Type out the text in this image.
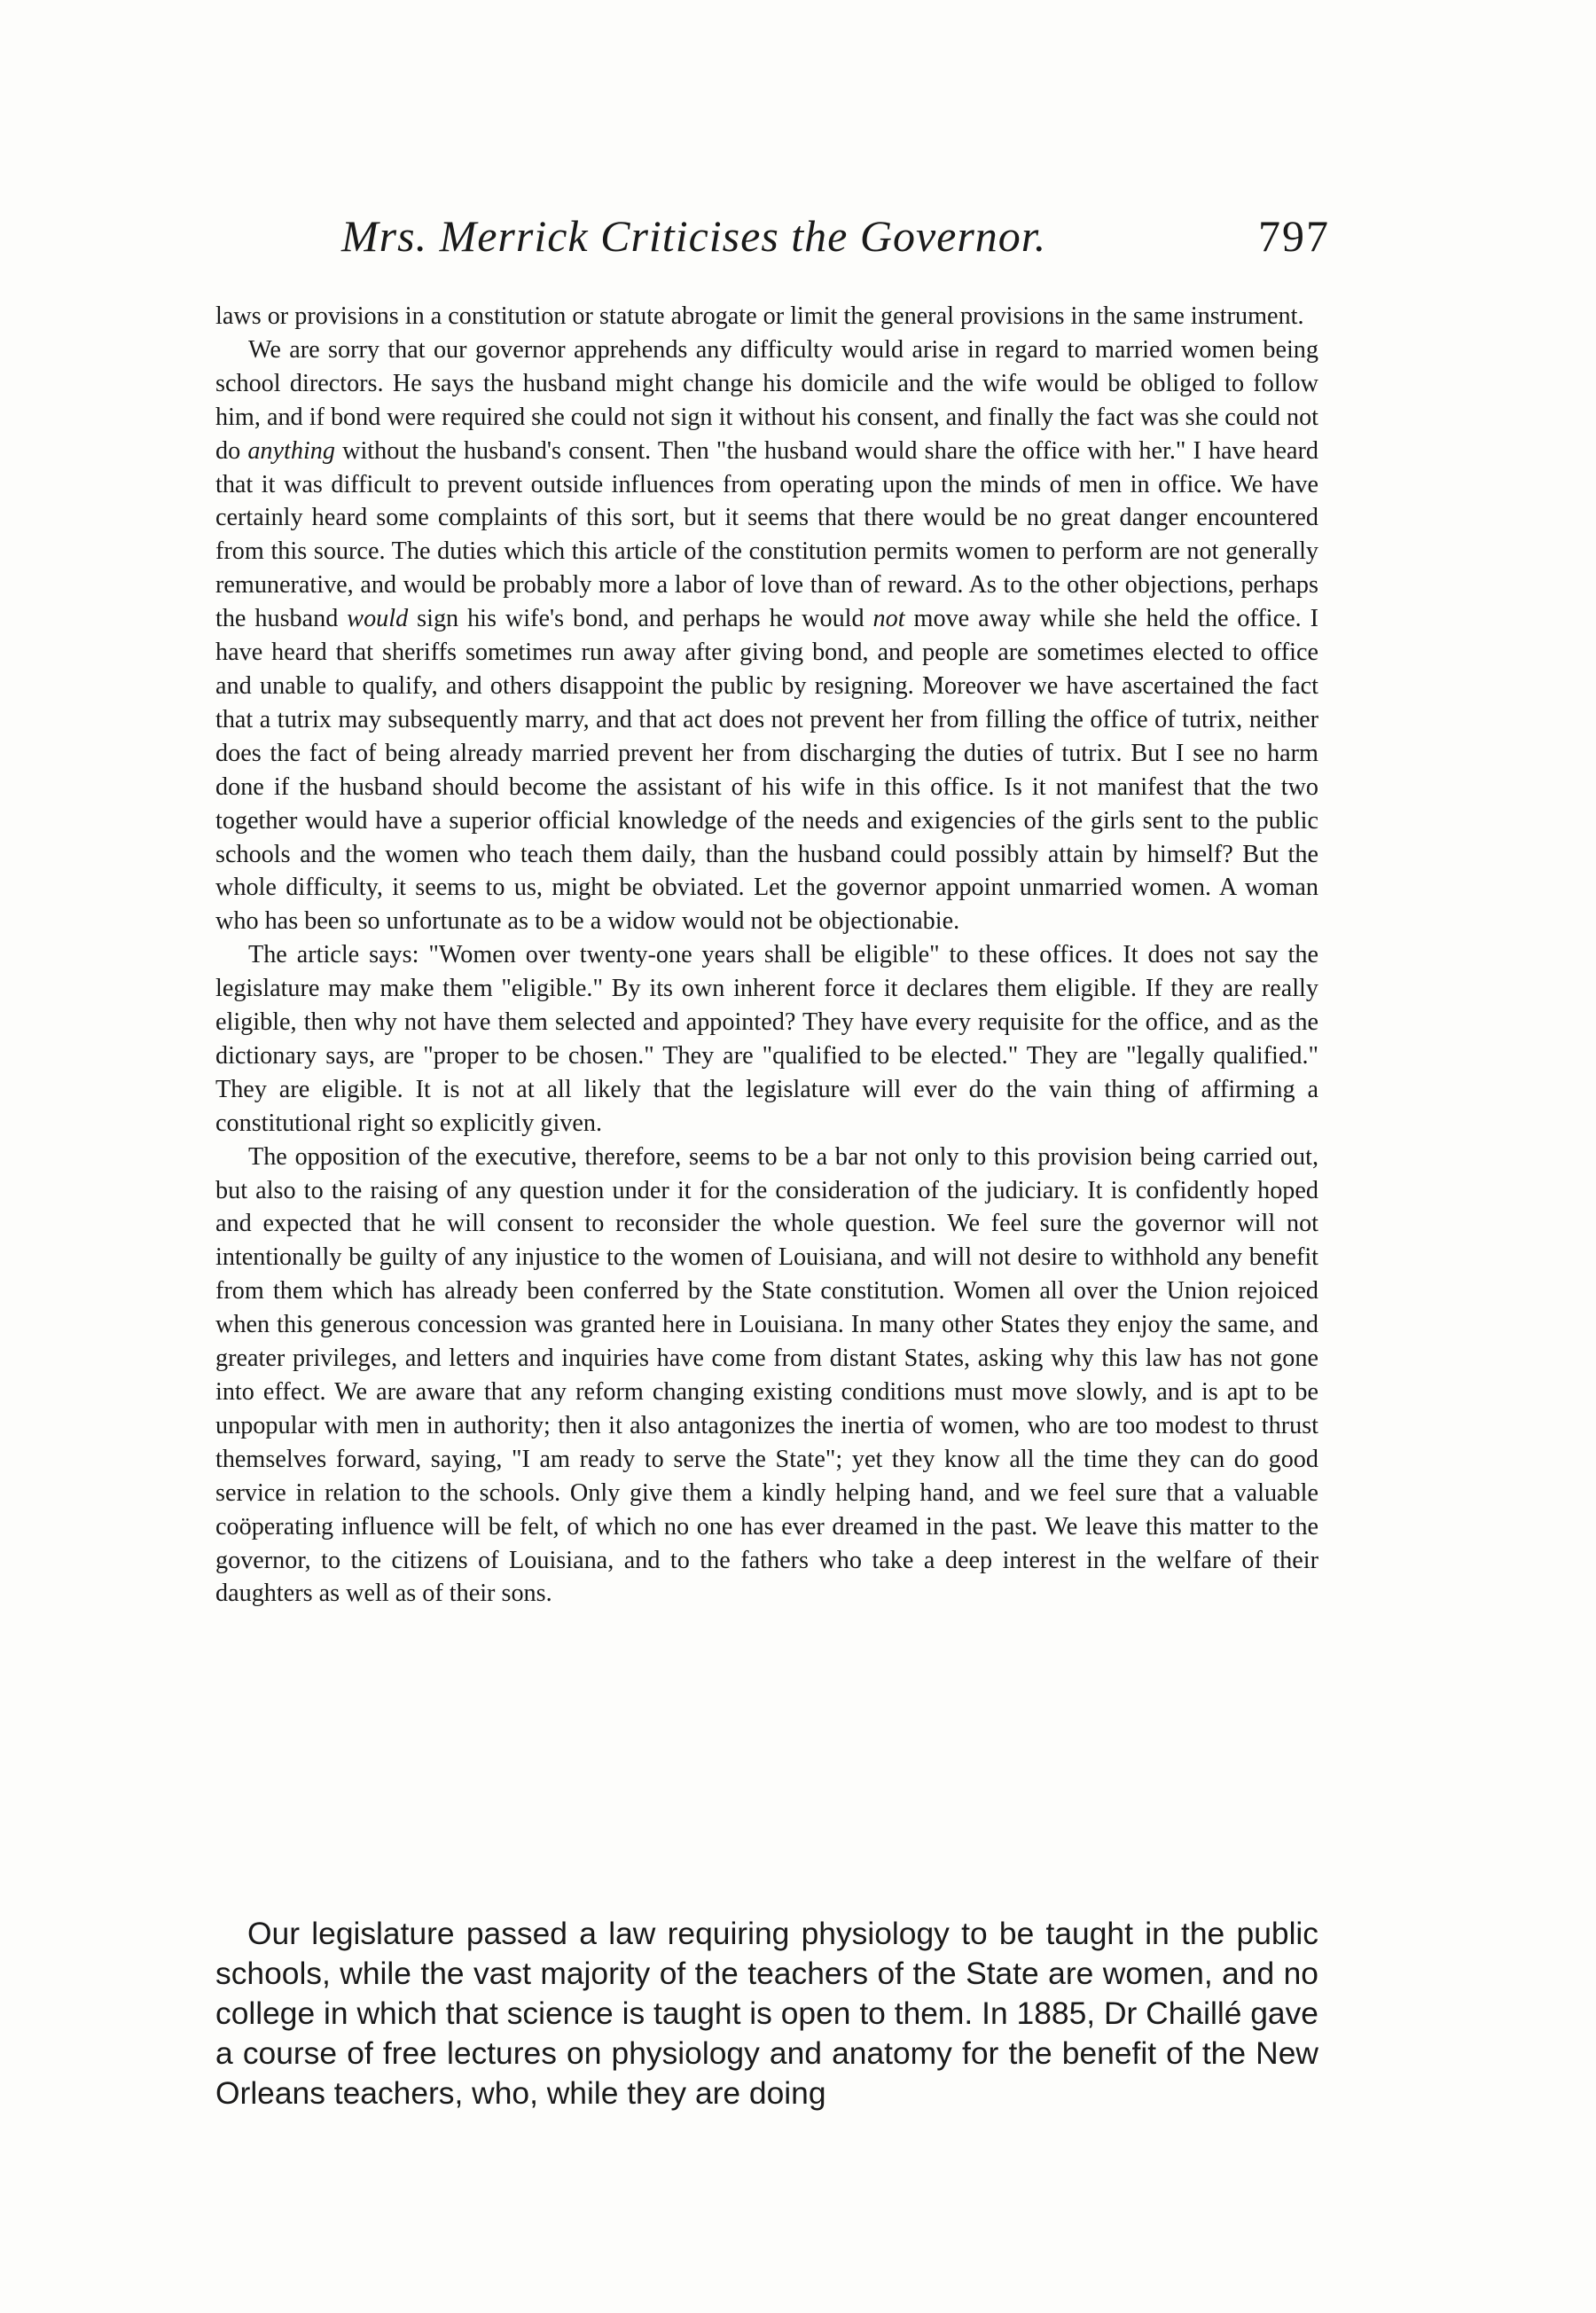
Mrs. Merrick Criticises the Governor.	797

laws or provisions in a constitution or statute abrogate or limit the general provisions in the same instrument.

We are sorry that our governor apprehends any difficulty would arise in regard to married women being school directors. He says the husband might change his domicile and the wife would be obliged to follow him, and if bond were required she could not sign it without his consent, and finally the fact was she could not do anything without the husband's consent. Then "the husband would share the office with her." I have heard that it was difficult to prevent outside influences from operating upon the minds of men in office. We have certainly heard some complaints of this sort, but it seems that there would be no great danger encountered from this source. The duties which this article of the constitution permits women to perform are not generally remunerative, and would be probably more a labor of love than of reward. As to the other objections, perhaps the husband would sign his wife's bond, and perhaps he would not move away while she held the office. I have heard that sheriffs sometimes run away after giving bond, and people are sometimes elected to office and unable to qualify, and others disappoint the public by resigning. Moreover we have ascertained the fact that a tutrix may subsequently marry, and that act does not prevent her from filling the office of tutrix, neither does the fact of being already married prevent her from discharging the duties of tutrix. But I see no harm done if the husband should become the assistant of his wife in this office. Is it not manifest that the two together would have a superior official knowledge of the needs and exigencies of the girls sent to the public schools and the women who teach them daily, than the husband could possibly attain by himself? But the whole difficulty, it seems to us, might be obviated. Let the governor appoint unmarried women. A woman who has been so unfortunate as to be a widow would not be objectionabie.

The article says: "Women over twenty-one years shall be eligible" to these offices. It does not say the legislature may make them "eligible." By its own inherent force it declares them eligible. If they are really eligible, then why not have them selected and appointed? They have every requisite for the office, and as the dictionary says, are "proper to be chosen." They are "qualified to be elected." They are "legally qualified." They are eligible. It is not at all likely that the legislature will ever do the vain thing of affirming a constitutional right so explicitly given.

The opposition of the executive, therefore, seems to be a bar not only to this provision being carried out, but also to the raising of any question under it for the consideration of the judiciary. It is confidently hoped and expected that he will consent to reconsider the whole question. We feel sure the governor will not intentionally be guilty of any injustice to the women of Louisiana, and will not desire to withhold any benefit from them which has already been conferred by the State constitution. Women all over the Union rejoiced when this generous concession was granted here in Louisiana. In many other States they enjoy the same, and greater privileges, and letters and inquiries have come from distant States, asking why this law has not gone into effect. We are aware that any reform changing existing conditions must move slowly, and is apt to be unpopular with men in authority; then it also antagonizes the inertia of women, who are too modest to thrust themselves forward, saying, "I am ready to serve the State"; yet they know all the time they can do good service in relation to the schools. Only give them a kindly helping hand, and we feel sure that a valuable coöperating influence will be felt, of which no one has ever dreamed in the past. We leave this matter to the governor, to the citizens of Louisiana, and to the fathers who take a deep interest in the welfare of their daughters as well as of their sons.

Our legislature passed a law requiring physiology to be taught in the public schools, while the vast majority of the teachers of the State are women, and no college in which that science is taught is open to them. In 1885, Dr Chaillé gave a course of free lectures on physiology and anatomy for the benefit of the New Orleans teachers, who, while they are doing
